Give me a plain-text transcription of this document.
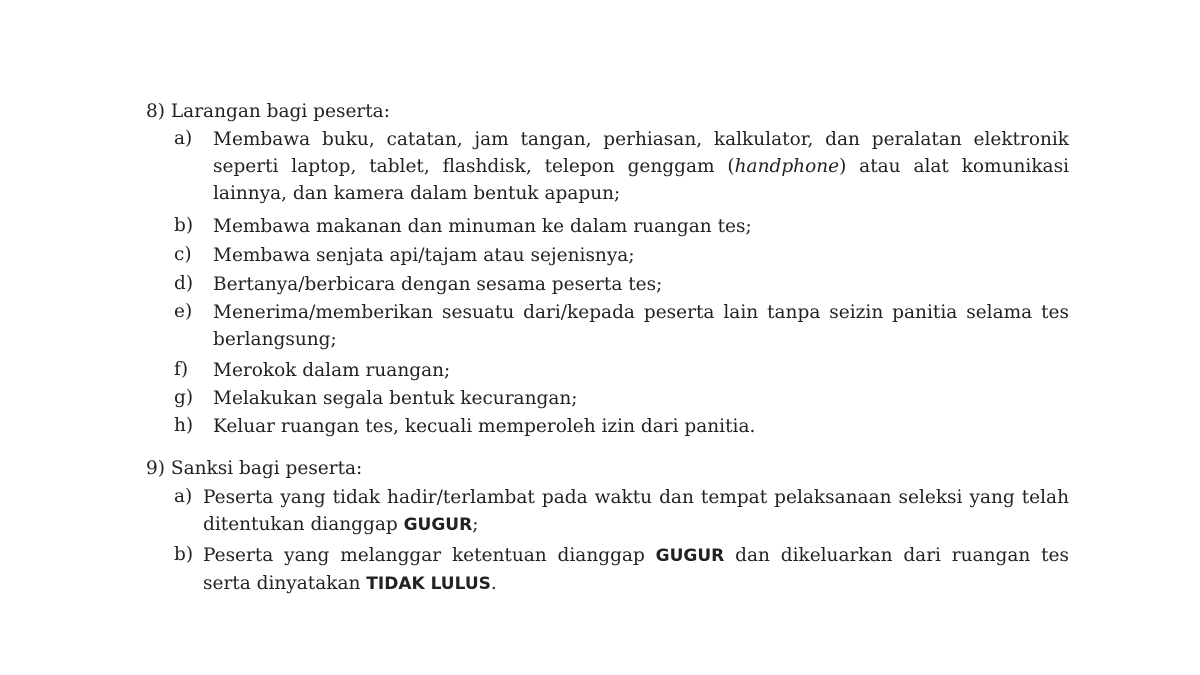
8) Larangan bagi peserta:
a) Membawa buku, catatan, jam tangan, perhiasan, kalkulator, dan peralatan elektronik seperti laptop, tablet, flashdisk, telepon genggam (handphone) atau alat komunikasi lainnya, dan kamera dalam bentuk apapun;
b) Membawa makanan dan minuman ke dalam ruangan tes;
c) Membawa senjata api/tajam atau sejenisnya;
d) Bertanya/berbicara dengan sesama peserta tes;
e) Menerima/memberikan sesuatu dari/kepada peserta lain tanpa seizin panitia selama tes berlangsung;
f) Merokok dalam ruangan;
g) Melakukan segala bentuk kecurangan;
h) Keluar ruangan tes, kecuali memperoleh izin dari panitia.
9) Sanksi bagi peserta:
a) Peserta yang tidak hadir/terlambat pada waktu dan tempat pelaksanaan seleksi yang telah ditentukan dianggap GUGUR;
b) Peserta yang melanggar ketentuan dianggap GUGUR dan dikeluarkan dari ruangan tes serta dinyatakan TIDAK LULUS.
